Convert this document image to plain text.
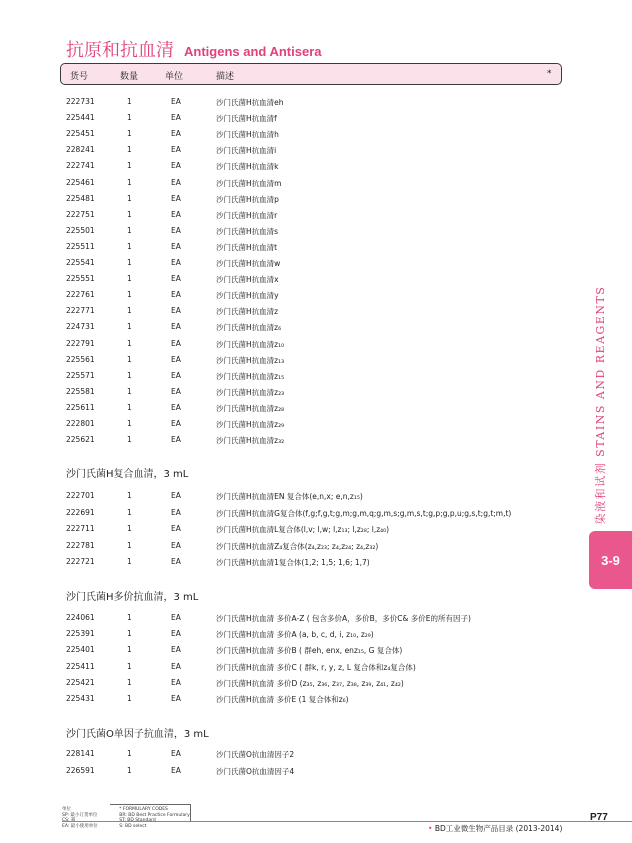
抗原和抗血清 Antigens and Antisera
货号	数量	单位	描述	*
222731	1	EA	沙门氏菌H抗血清eh
225441	1	EA	沙门氏菌H抗血清f
225451	1	EA	沙门氏菌H抗血清h
228241	1	EA	沙门氏菌H抗血清i
222741	1	EA	沙门氏菌H抗血清k
225461	1	EA	沙门氏菌H抗血清m
225481	1	EA	沙门氏菌H抗血清p
222751	1	EA	沙门氏菌H抗血清r
225501	1	EA	沙门氏菌H抗血清s
225511	1	EA	沙门氏菌H抗血清t
225541	1	EA	沙门氏菌H抗血清w
225551	1	EA	沙门氏菌H抗血清x
222761	1	EA	沙门氏菌H抗血清y
222771	1	EA	沙门氏菌H抗血清z
224731	1	EA	沙门氏菌H抗血清z₆
222791	1	EA	沙门氏菌H抗血清z₁₀
225561	1	EA	沙门氏菌H抗血清z₁₃
225571	1	EA	沙门氏菌H抗血清z₁₅
225581	1	EA	沙门氏菌H抗血清z₂₃
225611	1	EA	沙门氏菌H抗血清z₂₈
222801	1	EA	沙门氏菌H抗血清z₂₉
225621	1	EA	沙门氏菌H抗血清z₃₂
沙门氏菌H复合血清，3 mL
222701	1	EA	沙门氏菌H抗血清EN 复合体(e,n,x; e,n,z₁₅)
222691	1	EA	沙门氏菌H抗血清G复合体(f,g;f,g,t;g,m;g,m,q;g,m,s;g,m,s,t;g,p;g,p,u;g,s,t;g,t;m,t)
222711	1	EA	沙门氏菌H抗血清L复合体(l,v; l,w; l,z₁₃; l,z₂₈; l,z₄₀)
222781	1	EA	沙门氏菌H抗血清Z₄复合体(z₄,z₂₃; z₄,z₂₄; z₄,z₃₂)
222721	1	EA	沙门氏菌H抗血清1复合体(1,2; 1,5; 1,6; 1,7)
沙门氏菌H多价抗血清，3 mL
224061	1	EA	沙门氏菌H抗血清 多价A-Z ( 包含多价A，多价B，多价C& 多价E的所有因子)
225391	1	EA	沙门氏菌H抗血清 多价A (a, b, c, d, i, z₁₀, z₂₉)
225401	1	EA	沙门氏菌H抗血清 多价B ( 群eh, enx, enz₁₅, G 复合体)
225411	1	EA	沙门氏菌H抗血清 多价C ( 群k, r, y, z, L 复合体和z₄复合体)
225421	1	EA	沙门氏菌H抗血清 多价D (z₃₅, z₃₆, z₃₇, z₃₈, z₃₉, z₄₁, z₄₂)
225431	1	EA	沙门氏菌H抗血清 多价E (1 复合体和z₆)
沙门氏菌O单因子抗血清，3 mL
228141	1	EA	沙门氏菌O抗血清因子2
226591	1	EA	沙门氏菌O抗血清因子4
染液和试剂 STAINS AND REAGENTS
3-9
单位
SP: 最小订货单位
EA: 最小使用单位

* FORMULARY CODES
BR: BD Best Practice Formulary
S: BD select	• BD工业微生物产品目录 (2013-2014)
P77
